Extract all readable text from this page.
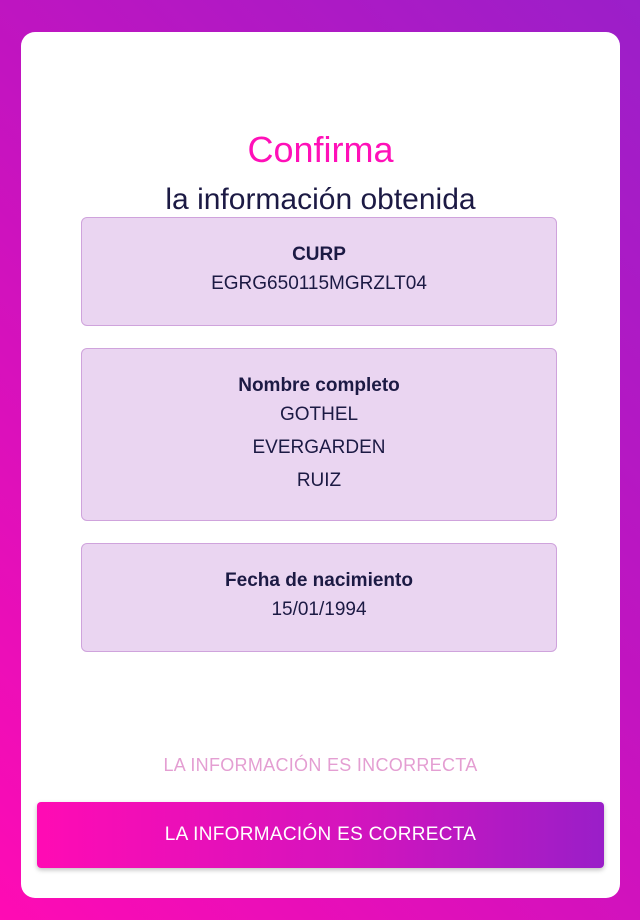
Confirma
la información obtenida
CURP
EGRG650115MGRZLT04
Nombre completo
GOTHEL
EVERGARDEN
RUIZ
Fecha de nacimiento
15/01/1994
LA INFORMACIÓN ES INCORRECTA
LA INFORMACIÓN ES CORRECTA
